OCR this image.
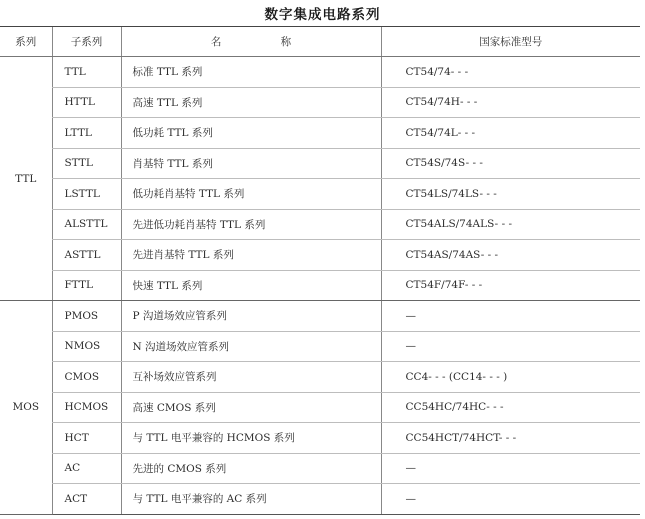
数字集成电路系列
系列	子系列	名 称	国家标准型号
TTL	TTL	标准 TTL 系列	CT54/74- - -
	HTTL	高速 TTL 系列	CT54/74H- - -
	LTTL	低功耗 TTL 系列	CT54/74L- - -
	STTL	肖基特 TTL 系列	CT54S/74S- - -
	LSTTL	低功耗肖基特 TTL 系列	CT54LS/74LS- - -
	ALSTTL	先进低功耗肖基特 TTL 系列	CT54ALS/74ALS- - -
	ASTTL	先进肖基特 TTL 系列	CT54AS/74AS- - -
	FTTL	快速 TTL 系列	CT54F/74F- - -
MOS	PMOS	P 沟道场效应管系列	—
	NMOS	N 沟道场效应管系列	—
	CMOS	互补场效应管系列	CC4- - - (CC14- - - )
	HCMOS	高速 CMOS 系列	CC54HC/74HC- - -
	HCT	与 TTL 电平兼容的 HCMOS 系列	CC54HCT/74HCT- - -
	AC	先进的 CMOS 系列	—
	ACT	与 TTL 电平兼容的 AC 系列	—
